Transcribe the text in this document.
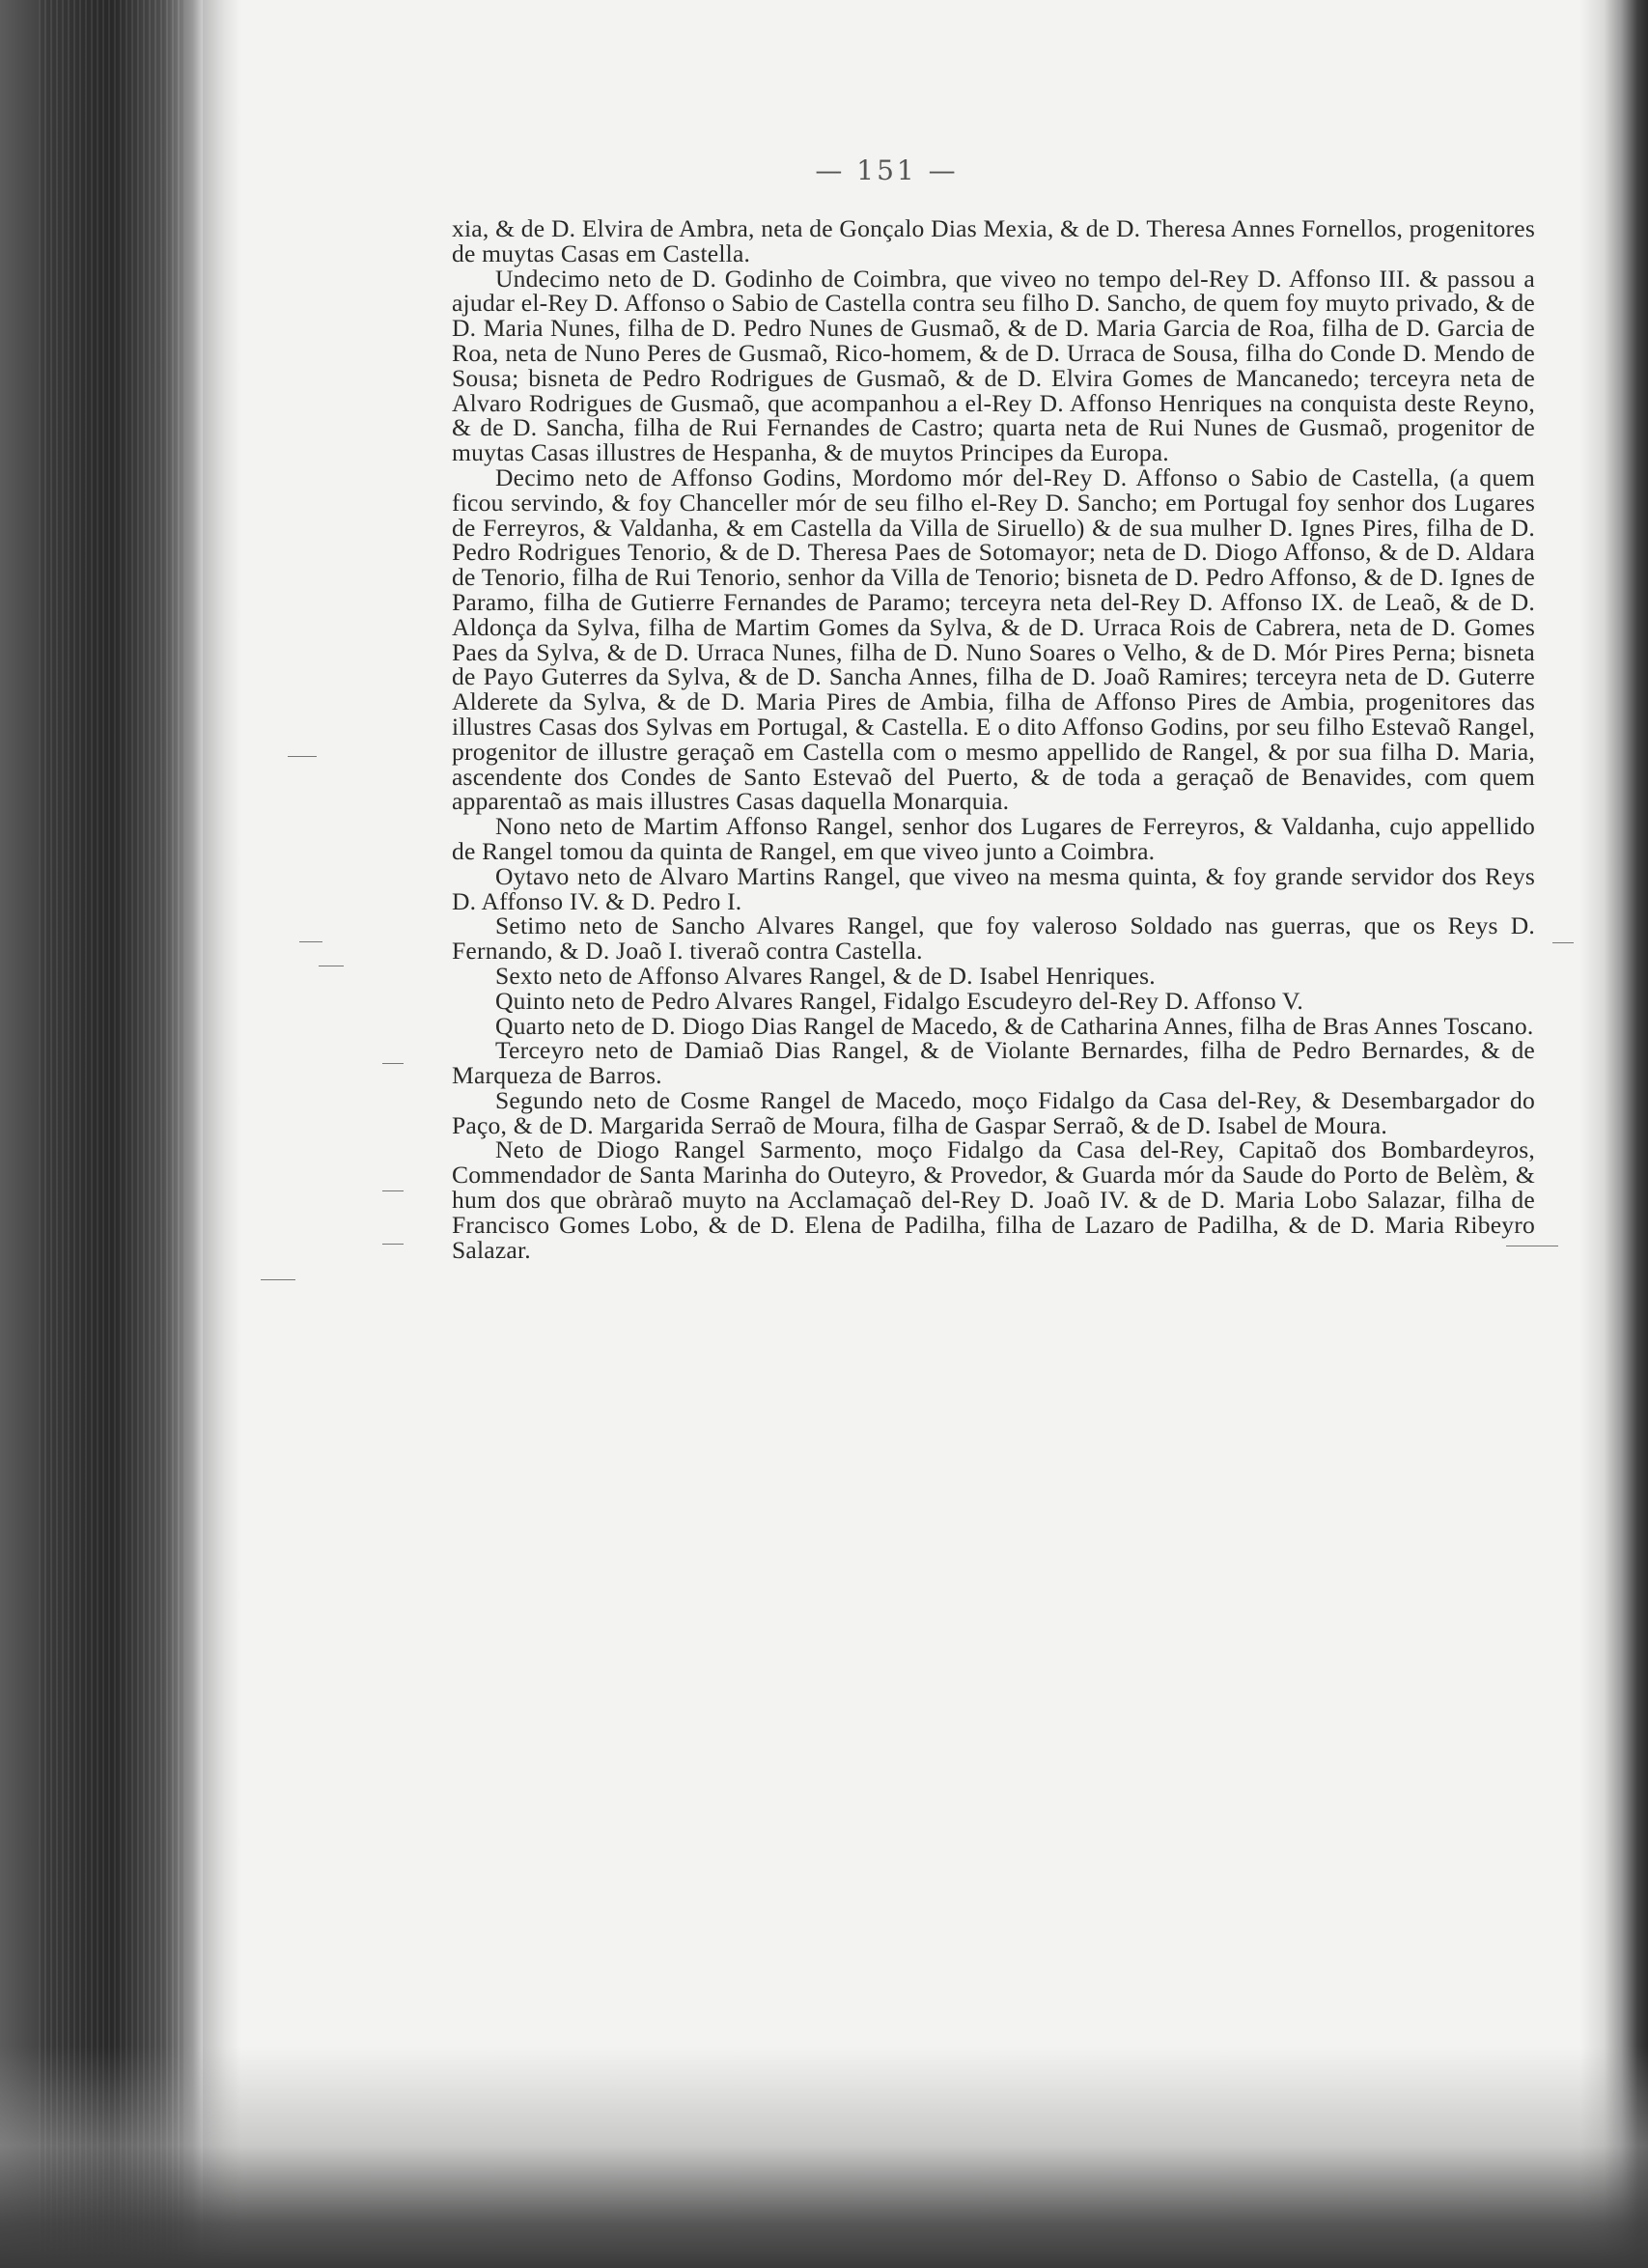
— 151 —

xia, & de D. Elvira de Ambra, neta de Gonçalo Dias Mexia, & de D. Theresa Annes Fornellos, progenitores de muytas Casas em Castella.

Undecimo neto de D. Godinho de Coimbra, que viveo no tempo del-Rey D. Affonso III. & passou a ajudar el-Rey D. Affonso o Sabio de Castella contra seu filho D. Sancho, de quem foy muyto privado, & de D. Maria Nunes, filha de D. Pedro Nunes de Gusmaõ, & de D. Maria Garcia de Roa, filha de D. Garcia de Roa, neta de Nuno Peres de Gusmaõ, Rico-homem, & de D. Urraca de Sousa, filha do Conde D. Mendo de Sousa; bisneta de Pedro Rodrigues de Gusmaõ, & de D. Elvira Gomes de Mancanedo; terceyra neta de Alvaro Rodrigues de Gusmaõ, que acompanhou a el-Rey D. Affonso Henriques na conquista deste Reyno, & de D. Sancha, filha de Rui Fernandes de Castro; quarta neta de Rui Nunes de Gusmaõ, progenitor de muytas Casas illustres de Hespanha, & de muytos Principes da Europa.

Decimo neto de Affonso Godins, Mordomo mór del-Rey D. Affonso o Sabio de Castella, (a quem ficou servindo, & foy Chanceller mór de seu filho el-Rey D. Sancho; em Portugal foy senhor dos Lugares de Ferreyros, & Valdanha, & em Castella da Villa de Siruello) & de sua mulher D. Ignes Pires, filha de D. Pedro Rodrigues Tenorio, & de D. Theresa Paes de Sotomayor; neta de D. Diogo Affonso, & de D. Aldara de Tenorio, filha de Rui Tenorio, senhor da Villa de Tenorio; bisneta de D. Pedro Affonso, & de D. Ignes de Paramo, filha de Gutierre Fernandes de Paramo; terceyra neta del-Rey D. Affonso IX. de Leaõ, & de D. Aldonça da Sylva, filha de Martim Gomes da Sylva, & de D. Urraca Rois de Cabrera, neta de D. Gomes Paes da Sylva, & de D. Urraca Nunes, filha de D. Nuno Soares o Velho, & de D. Mór Pires Perna; bisneta de Payo Guterres da Sylva, & de D. Sancha Annes, filha de D. Joaõ Ramires; terceyra neta de D. Guterre Alderete da Sylva, & de D. Maria Pires de Ambia, filha de Affonso Pires de Ambia, progenitores das illustres Casas dos Sylvas em Portugal, & Castella. E o dito Affonso Godins, por seu filho Estevaõ Rangel, progenitor de illustre geraçaõ em Castella com o mesmo appellido de Rangel, & por sua filha D. Maria, ascendente dos Condes de Santo Estevaõ del Puerto, & de toda a geraçaõ de Benavides, com quem apparentaõ as mais illustres Casas daquella Monarquia.

Nono neto de Martim Affonso Rangel, senhor dos Lugares de Ferreyros, & Valdanha, cujo appellido de Rangel tomou da quinta de Rangel, em que viveo junto a Coimbra.

Oytavo neto de Alvaro Martins Rangel, que viveo na mesma quinta, & foy grande servidor dos Reys D. Affonso IV. & D. Pedro I.

Setimo neto de Sancho Alvares Rangel, que foy valeroso Soldado nas guerras, que os Reys D. Fernando, & D. Joaõ I. tiveraõ contra Castella.

Sexto neto de Affonso Alvares Rangel, & de D. Isabel Henriques.

Quinto neto de Pedro Alvares Rangel, Fidalgo Escudeyro del-Rey D. Affonso V.

Quarto neto de D. Diogo Dias Rangel de Macedo, & de Catharina Annes, filha de Bras Annes Toscano.

Terceyro neto de Damiaõ Dias Rangel, & de Violante Bernardes, filha de Pedro Bernardes, & de Marqueza de Barros.

Segundo neto de Cosme Rangel de Macedo, moço Fidalgo da Casa del-Rey, & Desembargador do Paço, & de D. Margarida Serraõ de Moura, filha de Gaspar Serraõ, & de D. Isabel de Moura.

Neto de Diogo Rangel Sarmento, moço Fidalgo da Casa del-Rey, Capitaõ dos Bombardeyros, Commendador de Santa Marinha do Outeyro, & Provedor, & Guarda mór da Saude do Porto de Belèm, & hum dos que obràraõ muyto na Acclamaçaõ del-Rey D. Joaõ IV. & de D. Maria Lobo Salazar, filha de Francisco Gomes Lobo, & de D. Elena de Padilha, filha de Lazaro de Padilha, & de D. Maria Ribeyro Salazar.
